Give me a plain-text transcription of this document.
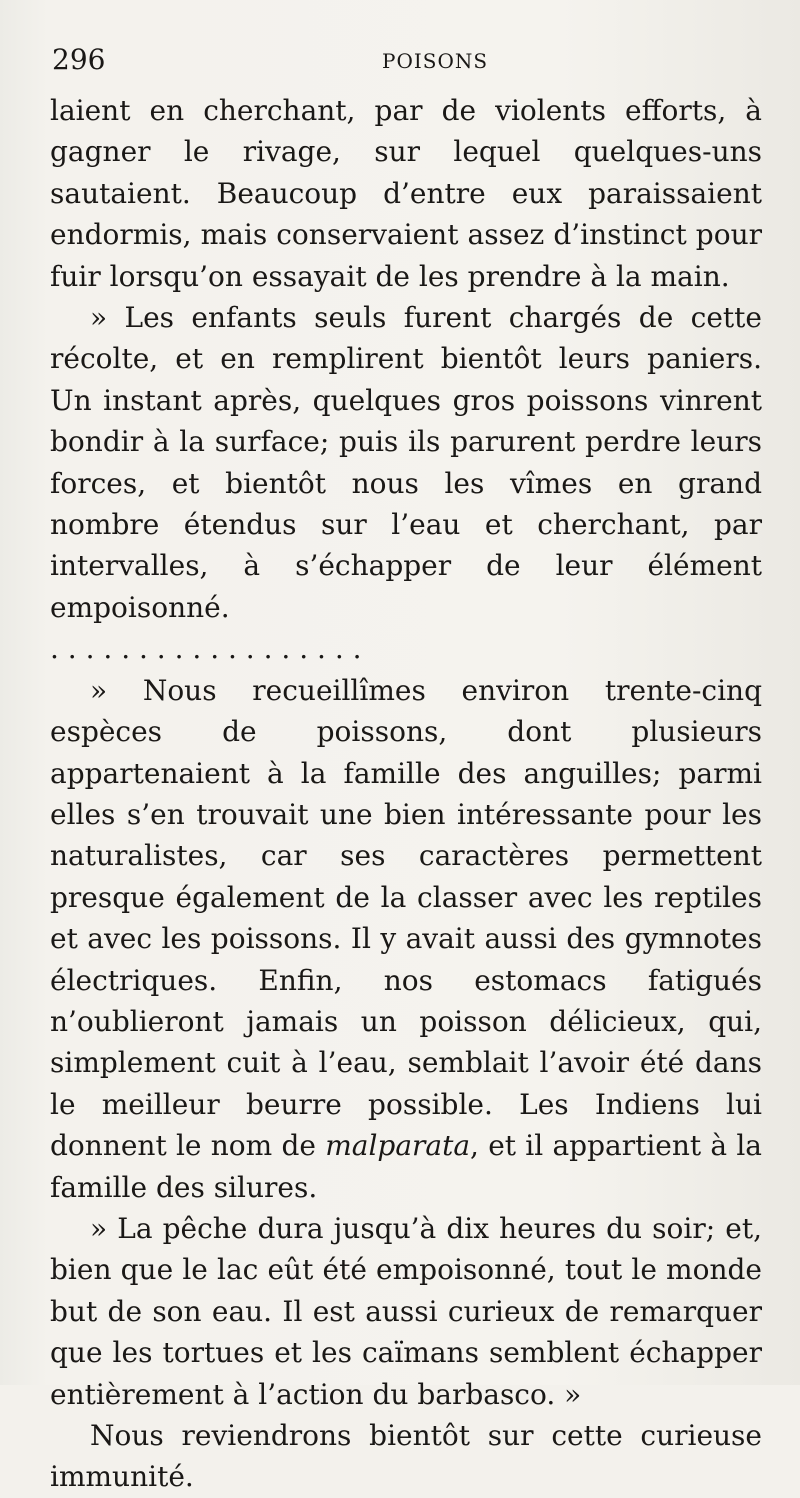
296	POISONS

laient en cherchant, par de violents efforts, à gagner le rivage, sur lequel quelques-uns sautaient. Beaucoup d’entre eux paraissaient endormis, mais conservaient assez d’instinct pour fuir lorsqu’on essayait de les prendre à la main.

» Les enfants seuls furent chargés de cette récolte, et en remplirent bientôt leurs paniers. Un instant après, quelques gros poissons vinrent bondir à la surface; puis ils parurent perdre leurs forces, et bientôt nous les vîmes en grand nombre étendus sur l’eau et cherchant, par intervalles, à s’échapper de leur élément empoisonné.

. . . . . . . . . . . . . . . . . .

» Nous recueillîmes environ trente-cinq espèces de poissons, dont plusieurs appartenaient à la famille des anguilles; parmi elles s’en trouvait une bien intéressante pour les naturalistes, car ses caractères permettent presque également de la classer avec les reptiles et avec les poissons. Il y avait aussi des gymnotes électriques. Enfin, nos estomacs fatigués n’oublieront jamais un poisson délicieux, qui, simplement cuit à l’eau, semblait l’avoir été dans le meilleur beurre possible. Les Indiens lui donnent le nom de malparata, et il appartient à la famille des silures.

» La pêche dura jusqu’à dix heures du soir; et, bien que le lac eût été empoisonné, tout le monde but de son eau. Il est aussi curieux de remarquer que les tortues et les caïmans semblent échapper entièrement à l’action du barbasco. »

Nous reviendrons bientôt sur cette curieuse immunité.
